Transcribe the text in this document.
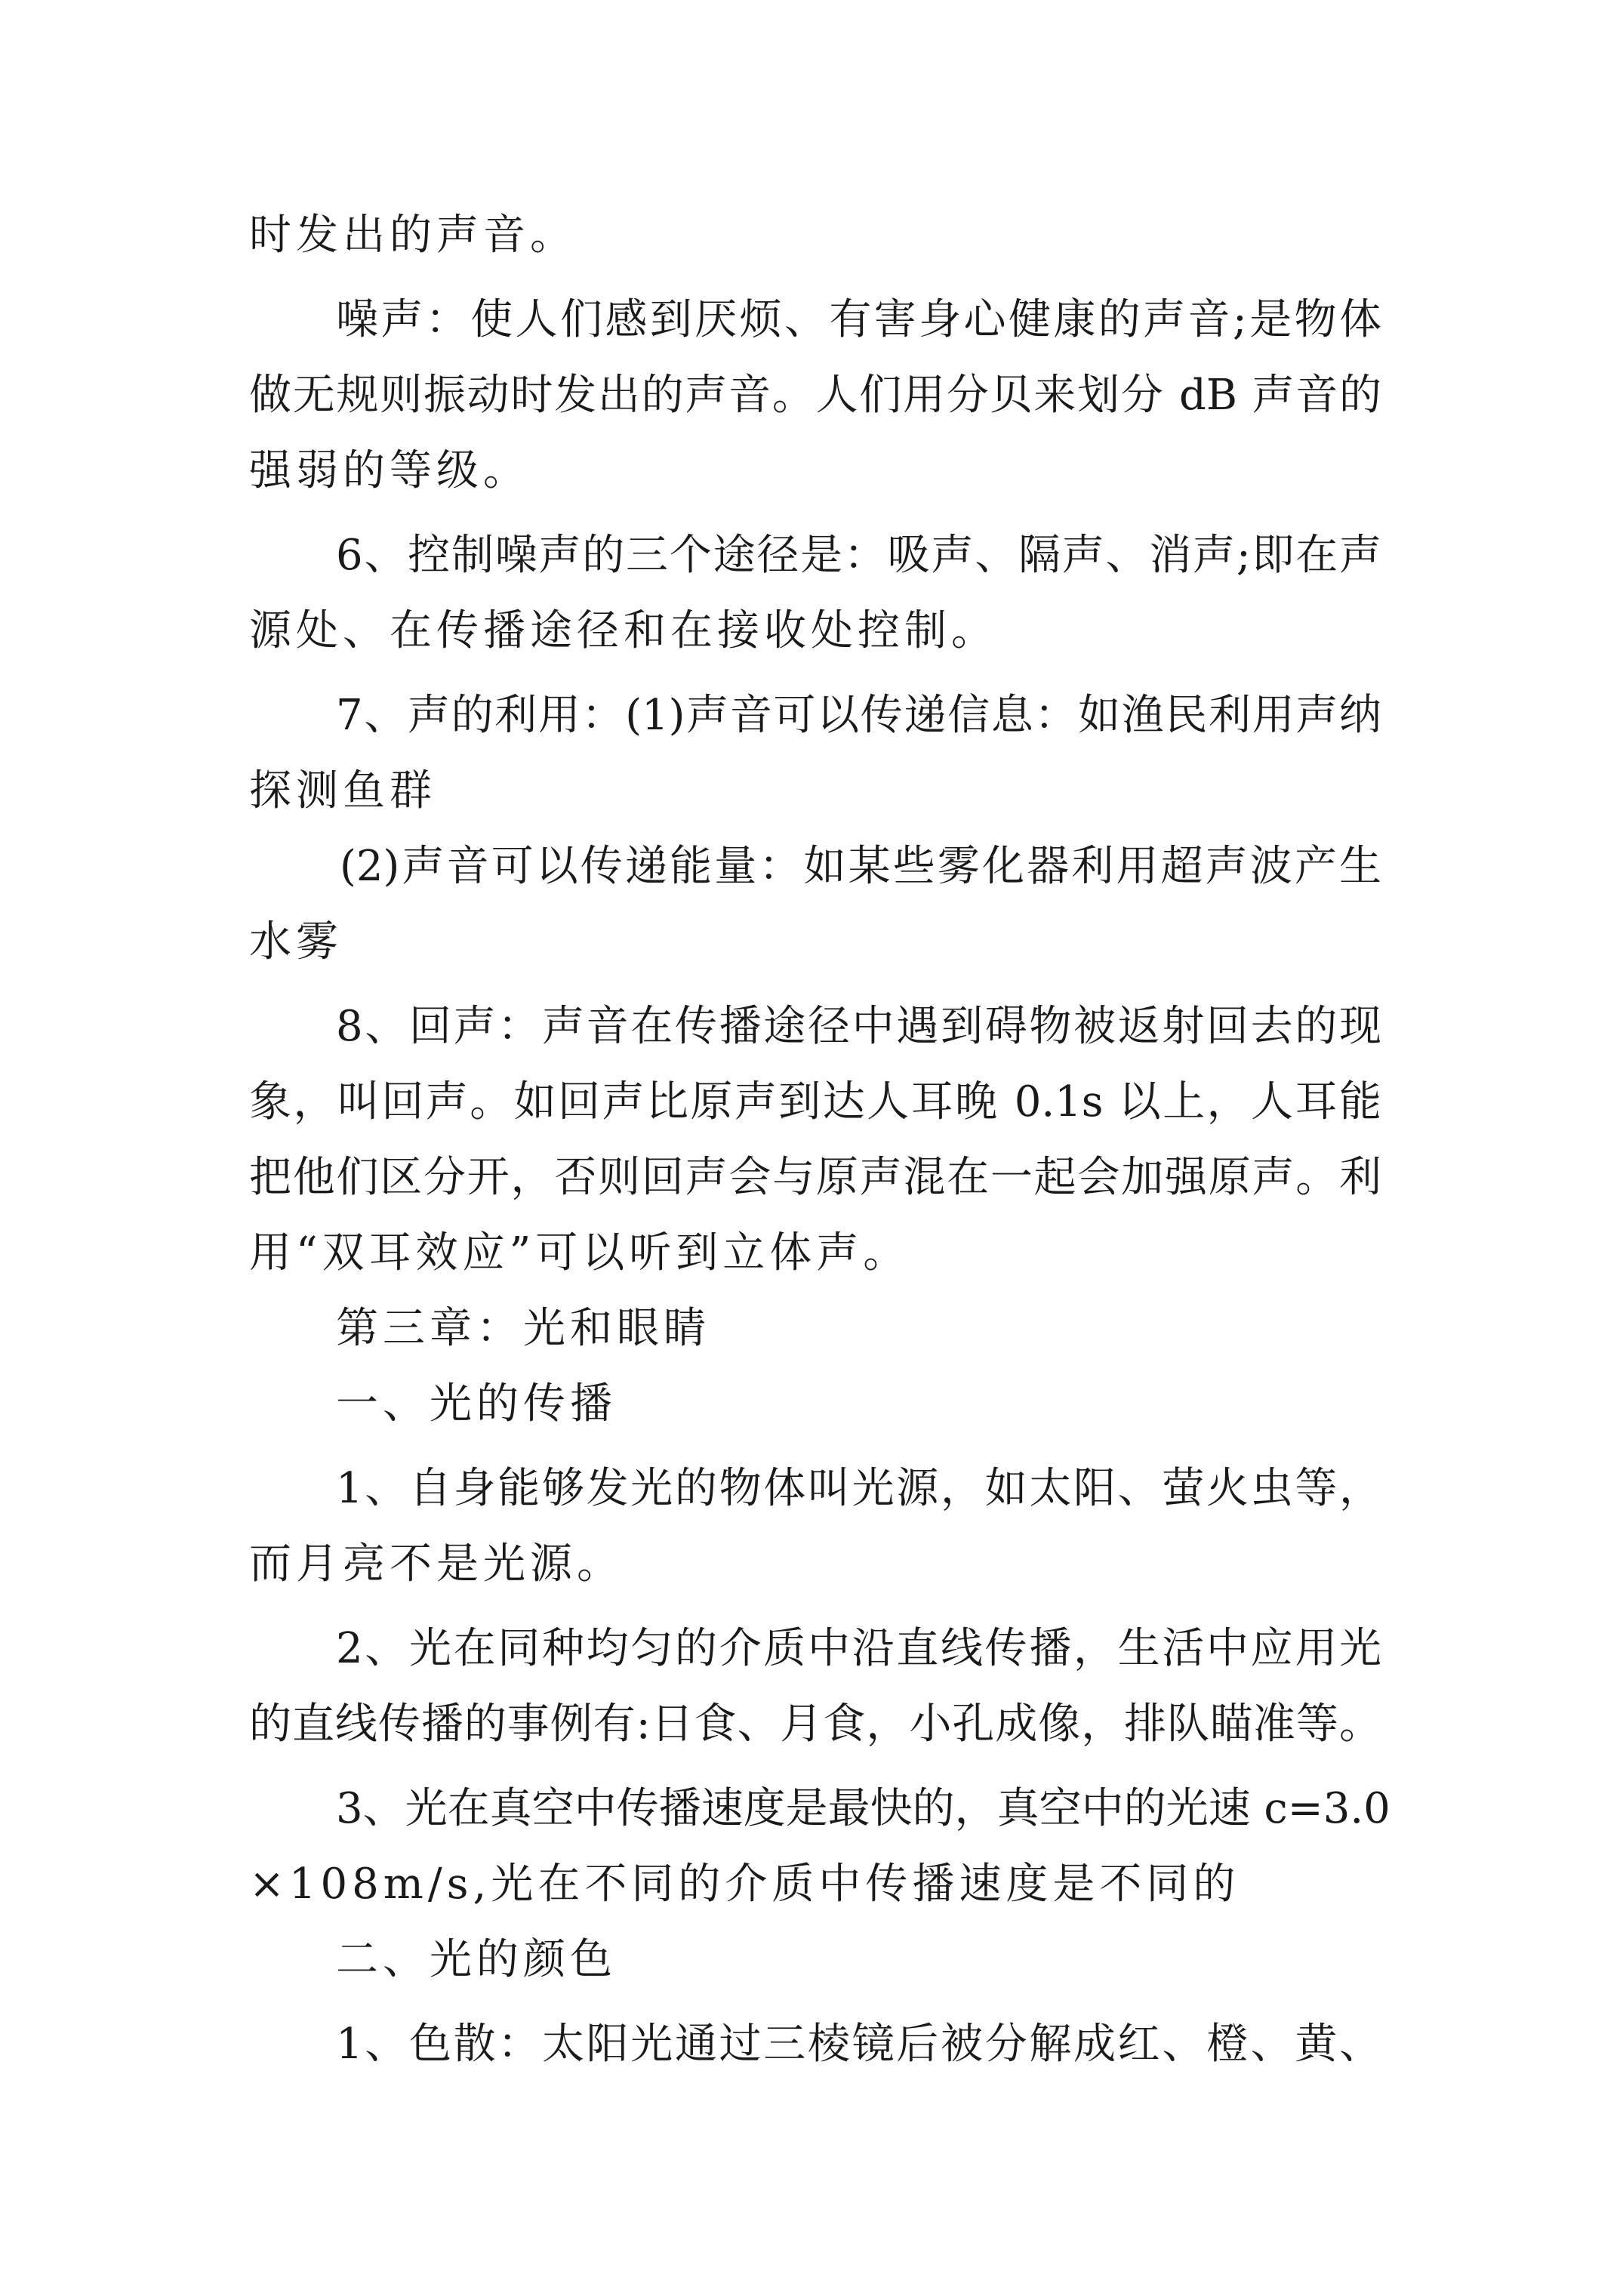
时发出的声音。
噪声：使人们感到厌烦、有害身心健康的声音;是物体
做无规则振动时发出的声音。人们用分贝来划分 dB 声音的
强弱的等级。
6、控制噪声的三个途径是：吸声、隔声、消声;即在声
源处、在传播途径和在接收处控制。
7、声的利用：(1)声音可以传递信息：如渔民利用声纳
探测鱼群
(2)声音可以传递能量：如某些雾化器利用超声波产生
水雾
8、回声：声音在传播途径中遇到碍物被返射回去的现
象，叫回声。如回声比原声到达人耳晚 0.1s 以上，人耳能
把他们区分开，否则回声会与原声混在一起会加强原声。利
用“双耳效应”可以听到立体声。
第三章：光和眼睛
一、光的传播
1、自身能够发光的物体叫光源，如太阳、萤火虫等，
而月亮不是光源。
2、光在同种均匀的介质中沿直线传播，生活中应用光
的直线传播的事例有:日食、月食，小孔成像，排队瞄准等。
3、光在真空中传播速度是最快的，真空中的光速 c=3.0
×108m/s,光在不同的介质中传播速度是不同的
二、光的颜色
1、色散：太阳光通过三棱镜后被分解成红、橙、黄、
